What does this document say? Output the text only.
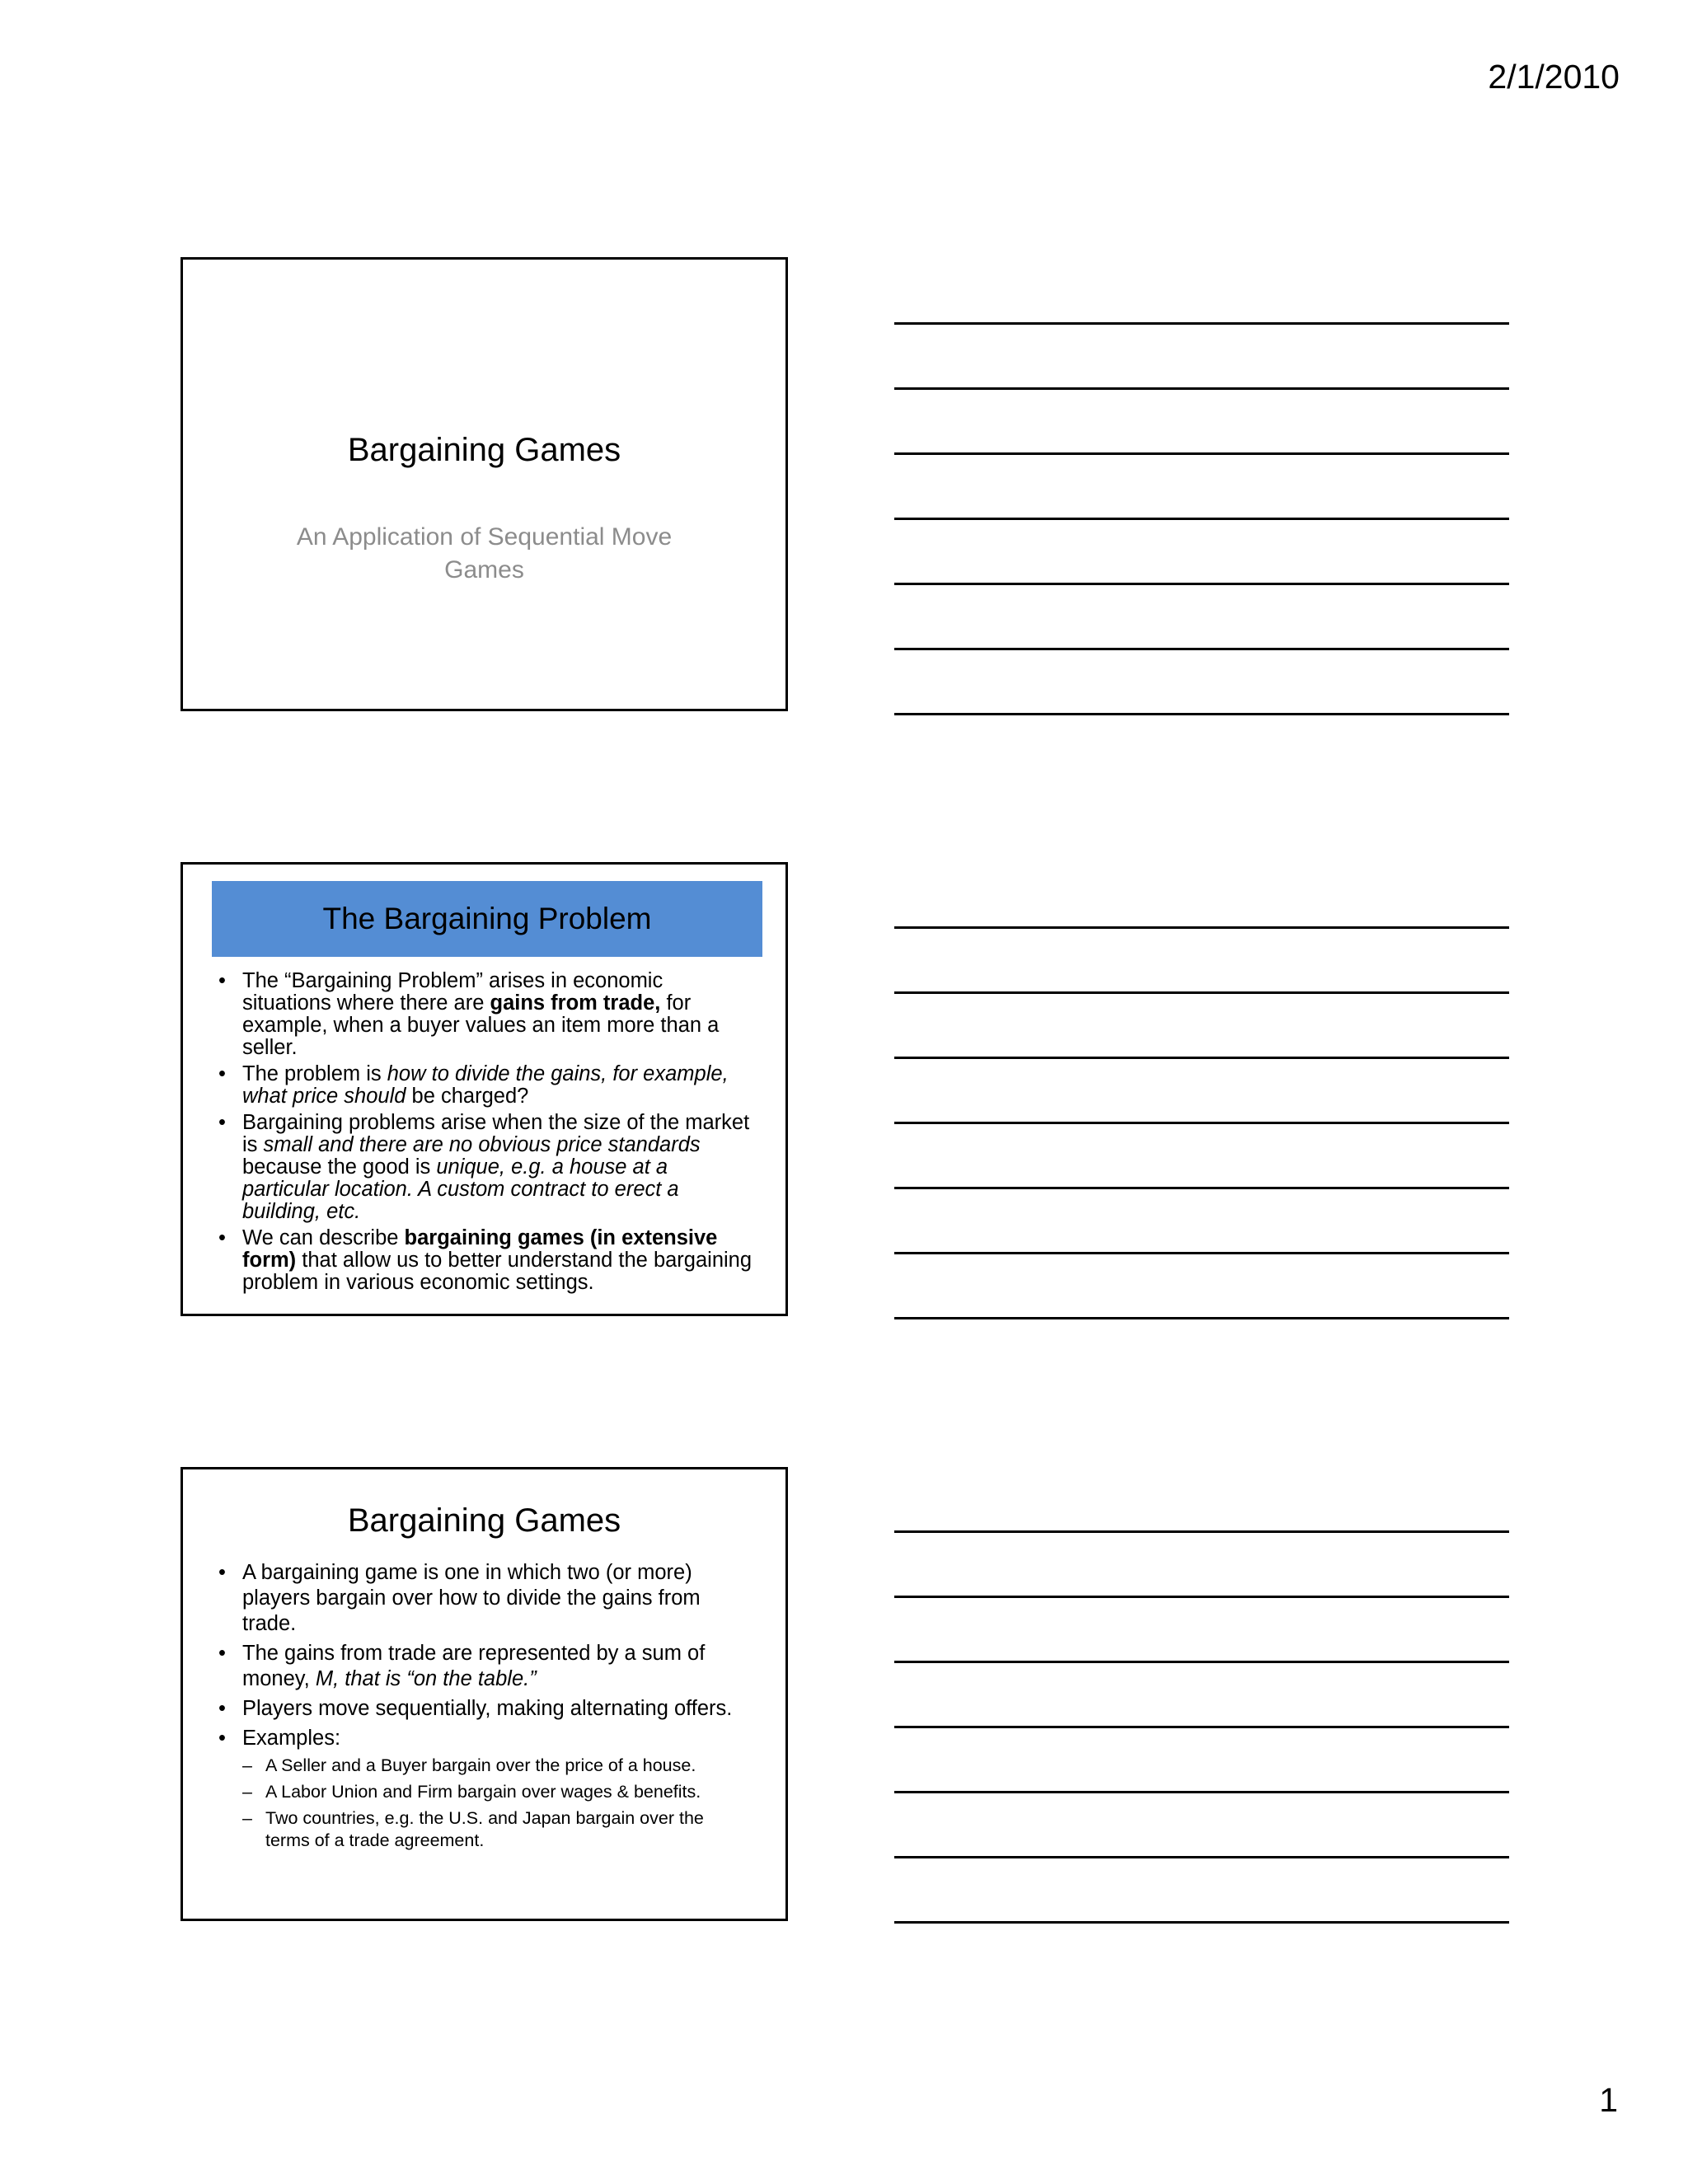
2/1/2010
Bargaining Games
An Application of Sequential Move Games
The Bargaining Problem
• The “Bargaining Problem” arises in economic situations where there are gains from trade, for example, when a buyer values an item more than a seller.
• The problem is how to divide the gains, for example, what price should be charged?
• Bargaining problems arise when the size of the market is small and there are no obvious price standards because the good is unique, e.g. a house at a particular location. A custom contract to erect a building, etc.
• We can describe bargaining games (in extensive form) that allow us to better understand the bargaining problem in various economic settings.
Bargaining Games
• A bargaining game is one in which two (or more) players bargain over how to divide the gains from trade.
• The gains from trade are represented by a sum of money, M, that is “on the table.”
• Players move sequentially, making alternating offers.
• Examples:
– A Seller and a Buyer bargain over the price of a house.
– A Labor Union and Firm bargain over wages & benefits.
– Two countries, e.g. the U.S. and Japan bargain over the terms of a trade agreement.
1
